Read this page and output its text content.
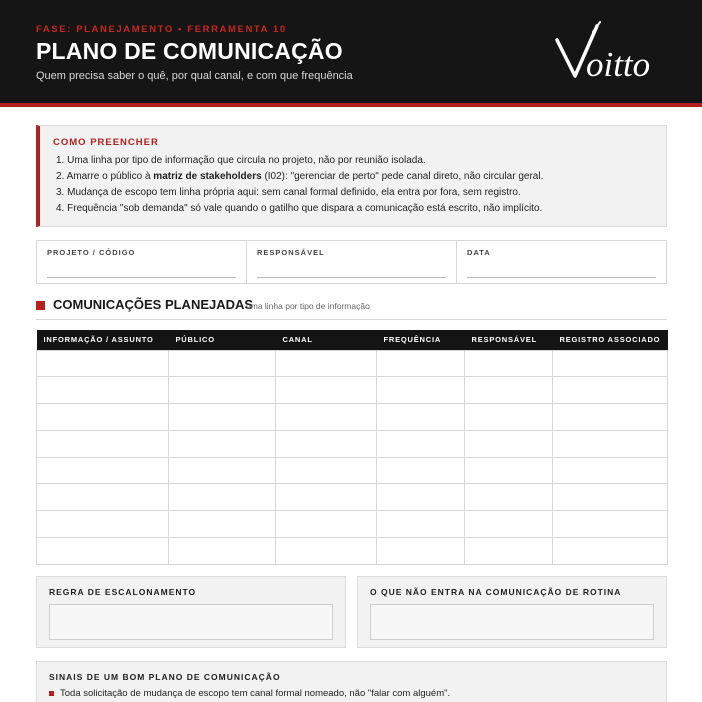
FASE: PLANEJAMENTO • FERRAMENTA 10
PLANO DE COMUNICAÇÃO
Quem precisa saber o quê, por qual canal, e com que frequência	oitto
COMO PREENCHER
1. Uma linha por tipo de informação que circula no projeto, não por reunião isolada.
2. Amarre o público à matriz de stakeholders (I02): "gerenciar de perto" pede canal direto, não circular geral.
3. Mudança de escopo tem linha própria aqui: sem canal formal definido, ela entra por fora, sem registro.
4. Frequência "sob demanda" só vale quando o gatilho que dispara a comunicação está escrito, não implícito.
PROJETO / CÓDIGO	RESPONSÁVEL	DATA
COMUNICAÇÕES PLANEJADAS
uma linha por tipo de informação
INFORMAÇÃO / ASSUNTO	PÚBLICO	CANAL	FREQUÊNCIA	RESPONSÁVEL	REGISTRO ASSOCIADO

REGRA DE ESCALONAMENTO	O QUE NÃO ENTRA NA COMUNICAÇÃO DE ROTINA
SINAIS DE UM BOM PLANO DE COMUNICAÇÃO
Toda solicitação de mudança de escopo tem canal formal nomeado, não "falar com alguém".
